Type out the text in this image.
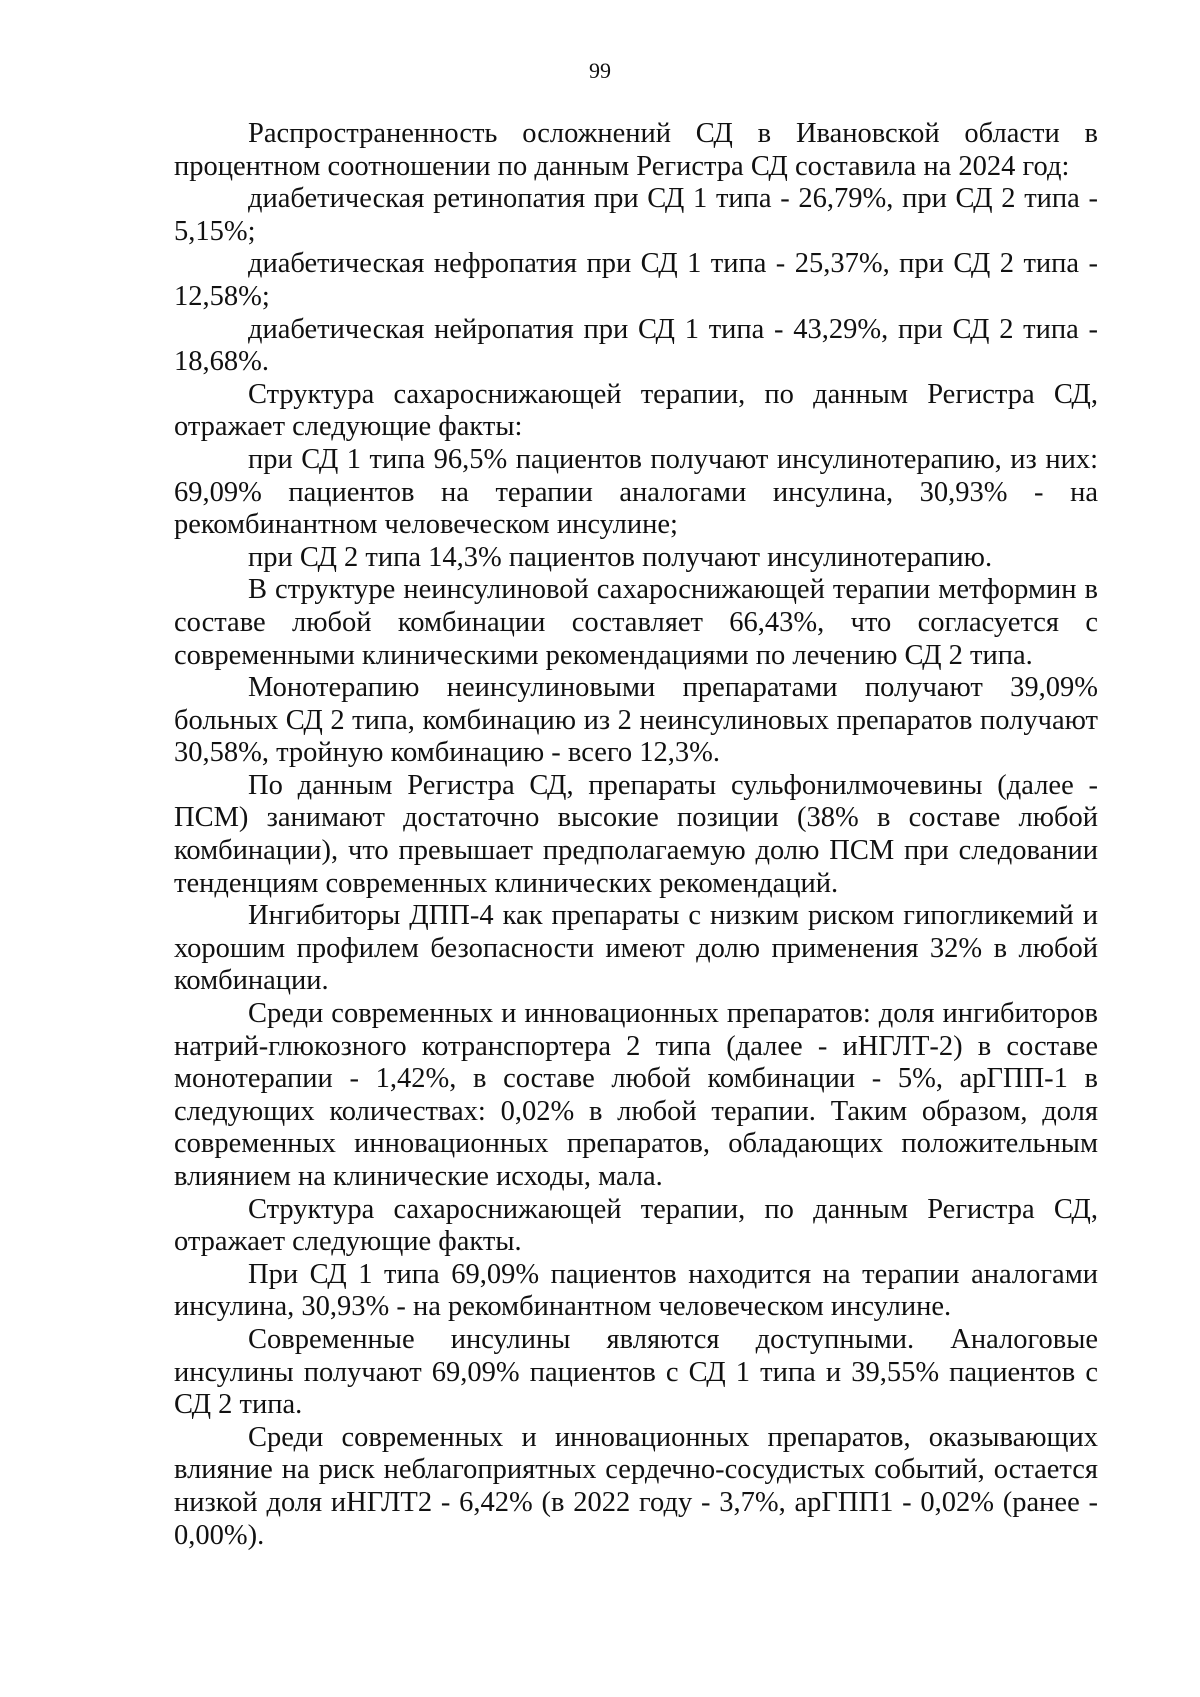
99

Распространенность осложнений СД в Ивановской области в процентном соотношении по данным Регистра СД составила на 2024 год:

диабетическая ретинопатия при СД 1 типа - 26,79%, при СД 2 типа - 5,15%;

диабетическая нефропатия при СД 1 типа - 25,37%, при СД 2 типа - 12,58%;

диабетическая нейропатия при СД 1 типа - 43,29%, при СД 2 типа - 18,68%.

Структура сахароснижающей терапии, по данным Регистра СД, отражает следующие факты:

при СД 1 типа 96,5% пациентов получают инсулинотерапию, из них: 69,09% пациентов на терапии аналогами инсулина, 30,93% - на рекомбинантном человеческом инсулине;

при СД 2 типа 14,3% пациентов получают инсулинотерапию.

В структуре неинсулиновой сахароснижающей терапии метформин в составе любой комбинации составляет 66,43%, что согласуется с современными клиническими рекомендациями по лечению СД 2 типа.

Монотерапию неинсулиновыми препаратами получают 39,09% больных СД 2 типа, комбинацию из 2 неинсулиновых препаратов получают 30,58%, тройную комбинацию - всего 12,3%.

По данным Регистра СД, препараты сульфонилмочевины (далее - ПСМ) занимают достаточно высокие позиции (38% в составе любой комбинации), что превышает предполагаемую долю ПСМ при следовании тенденциям современных клинических рекомендаций.

Ингибиторы ДПП-4 как препараты с низким риском гипогликемий и хорошим профилем безопасности имеют долю применения 32% в любой комбинации.

Среди современных и инновационных препаратов: доля ингибиторов натрий-глюкозного котранспортера 2 типа (далее - иНГЛТ-2) в составе монотерапии - 1,42%, в составе любой комбинации - 5%, арГПП-1 в следующих количествах: 0,02% в любой терапии. Таким образом, доля современных инновационных препаратов, обладающих положительным влиянием на клинические исходы, мала.

Структура сахароснижающей терапии, по данным Регистра СД, отражает следующие факты.

При СД 1 типа 69,09% пациентов находится на терапии аналогами инсулина, 30,93% - на рекомбинантном человеческом инсулине.

Современные инсулины являются доступными. Аналоговые инсулины получают 69,09% пациентов с СД 1 типа и 39,55% пациентов с СД 2 типа.

Среди современных и инновационных препаратов, оказывающих влияние на риск неблагоприятных сердечно-сосудистых событий, остается низкой доля иНГЛТ2 - 6,42% (в 2022 году - 3,7%, арГПП1 - 0,02% (ранее - 0,00%).
